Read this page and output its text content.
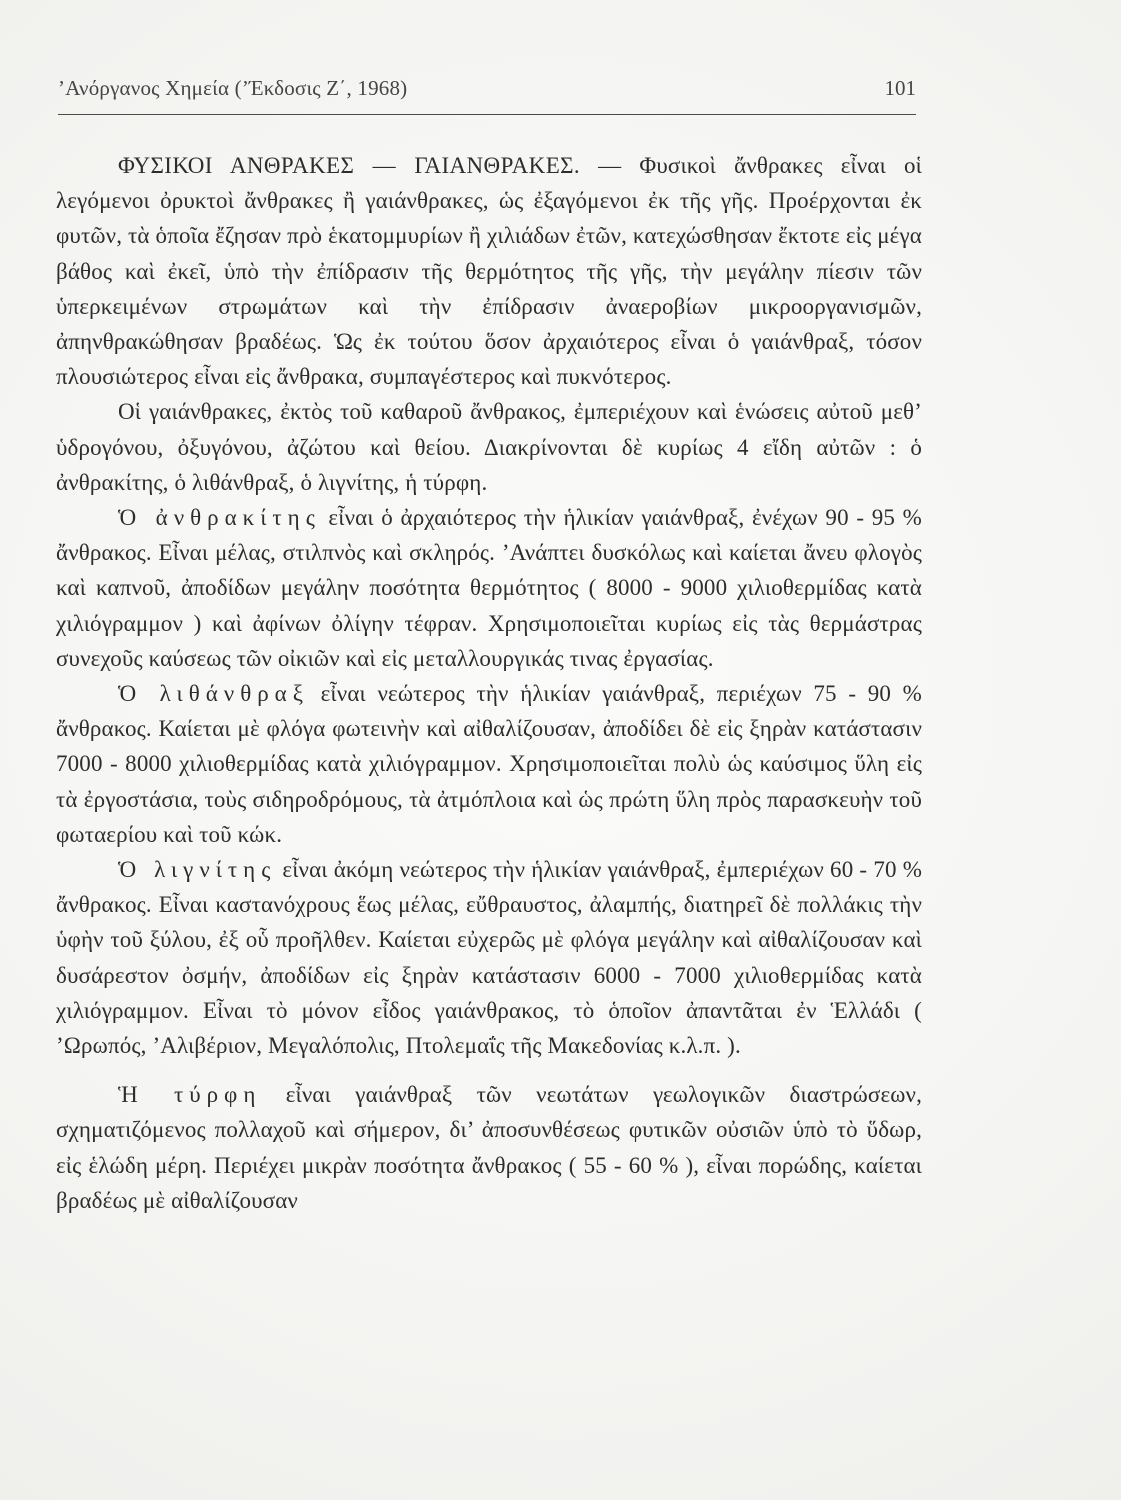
’Ανόργανος Χημεία (’Έκδοσις Ζ΄, 1968)	101

ΦΥΣΙΚΟΙ ΑΝΘΡΑΚΕΣ — ΓΑΙΑΝΘΡΑΚΕΣ. — Φυσικοὶ ἄνθρακες εἶναι οἱ λεγόμενοι ὀρυκτοὶ ἄνθρακες ἢ γαιάνθρακες, ὡς ἐξαγόμενοι ἐκ τῆς γῆς. Προέρχονται ἐκ φυτῶν, τὰ ὁποῖα ἔζησαν πρὸ ἑκατομμυρίων ἢ χιλιάδων ἐτῶν, κατεχώσθησαν ἔκτοτε εἰς μέγα βάθος καὶ ἐκεῖ, ὑπὸ τὴν ἐπίδρασιν τῆς θερμότητος τῆς γῆς, τὴν μεγάλην πίεσιν τῶν ὑπερκειμένων στρωμάτων καὶ τὴν ἐπίδρασιν ἀναεροβίων μικροοργανισμῶν, ἀπηνθρακώθησαν βραδέως. Ὡς ἐκ τούτου ὅσον ἀρχαιότερος εἶναι ὁ γαιάνθραξ, τόσον πλουσιώτερος εἶναι εἰς ἄνθρακα, συμπαγέστερος καὶ πυκνότερος.

Οἱ γαιάνθρακες, ἐκτὸς τοῦ καθαροῦ ἄνθρακος, ἐμπεριέχουν καὶ ἑνώσεις αὐτοῦ μεθ’ ὑδρογόνου, ὀξυγόνου, ἀζώτου καὶ θείου. Διακρίνονται δὲ κυρίως 4 εἴδη αὐτῶν : ὁ ἀνθρακίτης, ὁ λιθάνθραξ, ὁ λιγνίτης, ἡ τύρφη.

Ὁ ἀνθρακίτης εἶναι ὁ ἀρχαιότερος τὴν ἡλικίαν γαιάνθραξ, ἐνέχων 90 - 95 % ἄνθρακος. Εἶναι μέλας, στιλπνὸς καὶ σκληρός. ’Ανάπτει δυσκόλως καὶ καίεται ἄνευ φλογὸς καὶ καπνοῦ, ἀποδίδων μεγάλην ποσότητα θερμότητος ( 8000 - 9000 χιλιοθερμίδας κατὰ χιλιόγραμμον ) καὶ ἀφίνων ὀλίγην τέφραν. Χρησιμοποιεῖται κυρίως εἰς τὰς θερμάστρας συνεχοῦς καύσεως τῶν οἰκιῶν καὶ εἰς μεταλλουργικάς τινας ἐργασίας.

Ὁ λιθάνθραξ εἶναι νεώτερος τὴν ἡλικίαν γαιάνθραξ, περιέχων 75 - 90 % ἄνθρακος. Καίεται μὲ φλόγα φωτεινὴν καὶ αἰθαλίζουσαν, ἀποδίδει δὲ εἰς ξηρὰν κατάστασιν 7000 - 8000 χιλιοθερμίδας κατὰ χιλιόγραμμον. Χρησιμοποιεῖται πολὺ ὡς καύσιμος ὕλη εἰς τὰ ἐργοστάσια, τοὺς σιδηροδρόμους, τὰ ἀτμόπλοια καὶ ὡς πρώτη ὕλη πρὸς παρασκευὴν τοῦ φωταερίου καὶ τοῦ κώκ.

Ὁ λιγνίτης εἶναι ἀκόμη νεώτερος τὴν ἡλικίαν γαιάνθραξ, ἐμπεριέχων 60 - 70 % ἄνθρακος. Εἶναι καστανόχρους ἕως μέλας, εὔθραυστος, ἀλαμπής, διατηρεῖ δὲ πολλάκις τὴν ὑφὴν τοῦ ξύλου, ἐξ οὗ προῆλθεν. Καίεται εὐχερῶς μὲ φλόγα μεγάλην καὶ αἰθαλίζουσαν καὶ δυσάρεστον ὀσμήν, ἀποδίδων εἰς ξηρὰν κατάστασιν 6000 - 7000 χιλιοθερμίδας κατὰ χιλιόγραμμον. Εἶναι τὸ μόνον εἶδος γαιάνθρακος, τὸ ὁποῖον ἀπαντᾶται ἐν Ἑλλάδι ( ’Ωρωπός, ’Αλιβέριον, Μεγαλόπολις, Πτολεμαΐς τῆς Μακεδονίας κ.λ.π. ).

Ἡ τύρφη εἶναι γαιάνθραξ τῶν νεωτάτων γεωλογικῶν διαστρώσεων, σχηματιζόμενος πολλαχοῦ καὶ σήμερον, δι’ ἀποσυνθέσεως φυτικῶν οὐσιῶν ὑπὸ τὸ ὕδωρ, εἰς ἑλώδη μέρη. Περιέχει μικρὰν ποσότητα ἄνθρακος ( 55 - 60 % ), εἶναι πορώδης, καίεται βραδέως μὲ αἰθαλίζουσαν
